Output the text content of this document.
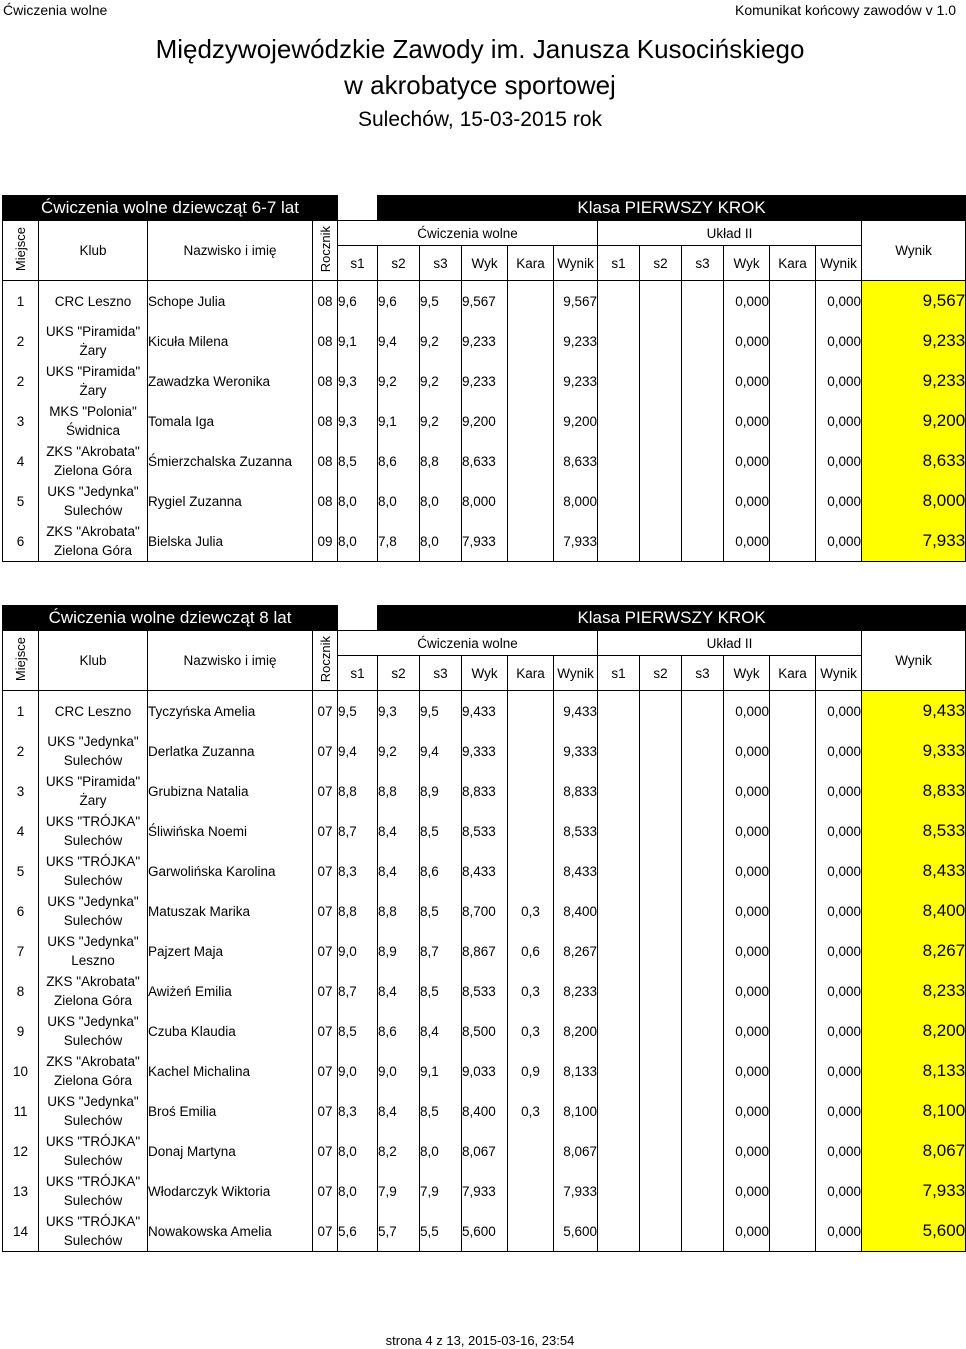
Ćwiczenia wolne	Komunikat końcowy zawodów v 1.0
Międzywojewódzkie Zawody im. Janusza Kusocińskiego
w akrobatyce sportowej
Sulechów, 15-03-2015 rok
Ćwiczenia wolne dziewcząt 6-7 lat					Klasa PIERWSZY KROK											
Miejsce	Klub	Nazwisko i imię	Rocznik	Ćwiczenia wolne						Układ II						Wynik
				s1	s2	s3	Wyk	Kara	Wynik	s1	s2	s3	Wyk	Kara	Wynik	
1	CRC Leszno	Schope Julia	08	9,6	9,6	9,5	9,567		9,567				0,000		0,000	9,567
2	UKS "Piramida"
Żary	Kicuła Milena	08	9,1	9,4	9,2	9,233		9,233				0,000		0,000	9,233
2	UKS "Piramida"
Żary	Zawadzka Weronika	08	9,3	9,2	9,2	9,233		9,233				0,000		0,000	9,233
3	MKS "Polonia"
Świdnica	Tomala Iga	08	9,3	9,1	9,2	9,200		9,200				0,000		0,000	9,200
4	ZKS "Akrobata"
Zielona Góra	Śmierzchalska Zuzanna	08	8,5	8,6	8,8	8,633		8,633				0,000		0,000	8,633
5	UKS "Jedynka"
Sulechów	Rygiel Zuzanna	08	8,0	8,0	8,0	8,000		8,000				0,000		0,000	8,000
6	ZKS "Akrobata"
Zielona Góra	Bielska Julia	09	8,0	7,8	8,0	7,933		7,933				0,000		0,000	7,933
Ćwiczenia wolne dziewcząt 8 lat					Klasa PIERWSZY KROK											
Miejsce	Klub	Nazwisko i imię	Rocznik	Ćwiczenia wolne						Układ II						Wynik
				s1	s2	s3	Wyk	Kara	Wynik	s1	s2	s3	Wyk	Kara	Wynik	
1	CRC Leszno	Tyczyńska Amelia	07	9,5	9,3	9,5	9,433		9,433				0,000		0,000	9,433
2	UKS "Jedynka"
Sulechów	Derlatka Zuzanna	07	9,4	9,2	9,4	9,333		9,333				0,000		0,000	9,333
3	UKS "Piramida"
Żary	Grubizna Natalia	07	8,8	8,8	8,9	8,833		8,833				0,000		0,000	8,833
4	UKS "TRÓJKA"
Sulechów	Śliwińska Noemi	07	8,7	8,4	8,5	8,533		8,533				0,000		0,000	8,533
5	UKS "TRÓJKA"
Sulechów	Garwolińska Karolina	07	8,3	8,4	8,6	8,433		8,433				0,000		0,000	8,433
6	UKS "Jedynka"
Sulechów	Matuszak Marika	07	8,8	8,8	8,5	8,700	0,3	8,400				0,000		0,000	8,400
7	UKS "Jedynka"
Leszno	Pajzert Maja	07	9,0	8,9	8,7	8,867	0,6	8,267				0,000		0,000	8,267
8	ZKS "Akrobata"
Zielona Góra	Awiżeń Emilia	07	8,7	8,4	8,5	8,533	0,3	8,233				0,000		0,000	8,233
9	UKS "Jedynka"
Sulechów	Czuba Klaudia	07	8,5	8,6	8,4	8,500	0,3	8,200				0,000		0,000	8,200
10	ZKS "Akrobata"
Zielona Góra	Kachel Michalina	07	9,0	9,0	9,1	9,033	0,9	8,133				0,000		0,000	8,133
11	UKS "Jedynka"
Sulechów	Broś Emilia	07	8,3	8,4	8,5	8,400	0,3	8,100				0,000		0,000	8,100
12	UKS "TRÓJKA"
Sulechów	Donaj Martyna	07	8,0	8,2	8,0	8,067		8,067				0,000		0,000	8,067
13	UKS "TRÓJKA"
Sulechów	Włodarczyk Wiktoria	07	8,0	7,9	7,9	7,933		7,933				0,000		0,000	7,933
14	UKS "TRÓJKA"
Sulechów	Nowakowska Amelia	07	5,6	5,7	5,5	5,600		5,600				0,000		0,000	5,600
strona 4 z 13, 2015-03-16, 23:54
